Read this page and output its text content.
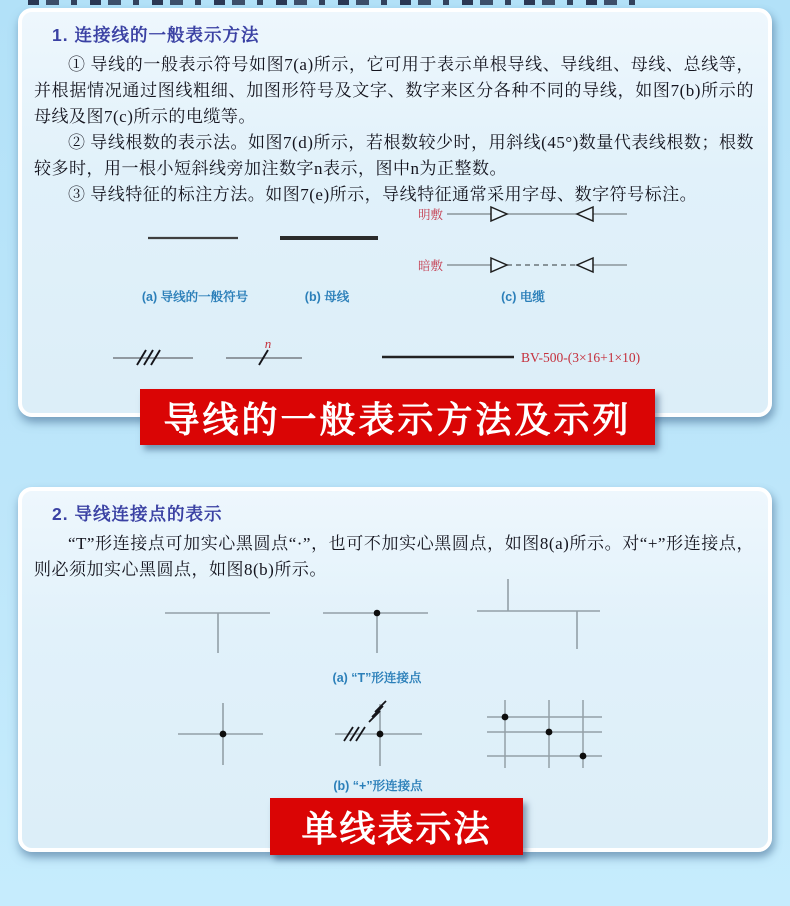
1. 连接线的一般表示方法

① 导线的一般表示符号如图7(a)所示，它可用于表示单根导线、导线组、母线、总线等，并根据情况通过图线粗细、加图形符号及文字、数字来区分各种不同的导线，如图7(b)所示的母线及图7(c)所示的电缆等。

② 导线根数的表示法。如图7(d)所示，若根数较少时，用斜线(45°)数量代表线根数；根数较多时，用一根小短斜线旁加注数字n表示，图中n为正整数。

③ 导线特征的标注方法。如图7(e)所示，导线特征通常采用字母、数字符号标注。

明敷
暗敷
(a) 导线的一般符号	(b) 母线	(c) 电缆
n
BV-500-(3×16+1×10)
导线的一般表示方法及示列
2. 导线连接点的表示

“T”形连接点可加实心黑圆点“·”，也可不加实心黑圆点，如图8(a)所示。对“+”形连接点，则必须加实心黑圆点，如图8(b)所示。

(a) “T”形连接点
(b) “+”形连接点
单线表示法
